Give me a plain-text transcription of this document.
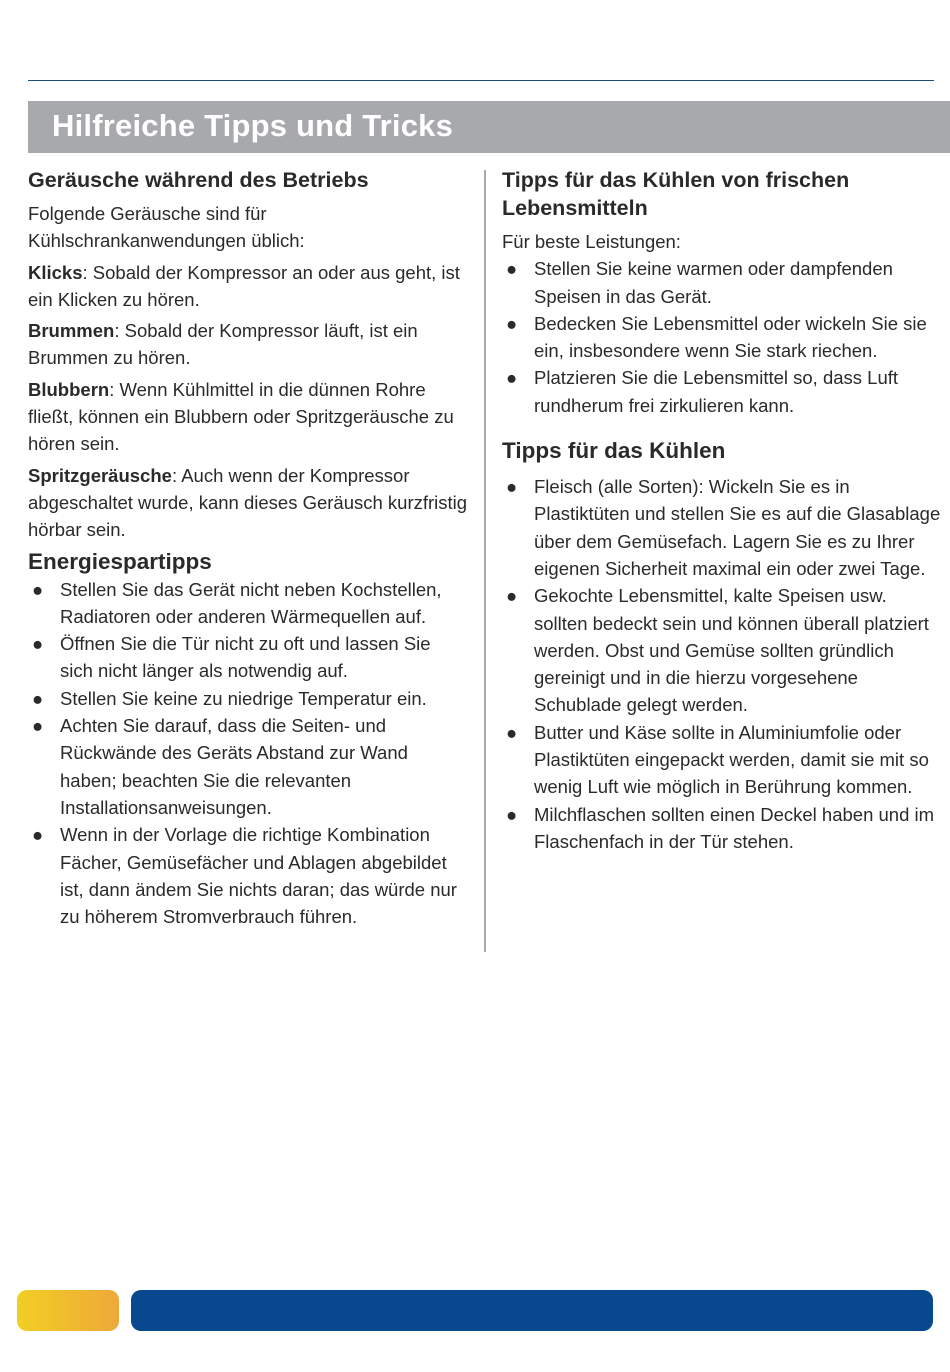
Hilfreiche Tipps und Tricks
Geräusche während des Betriebs

Folgende Geräusche sind für Kühlschrankanwendungen üblich:

Klicks: Sobald der Kompressor an oder aus geht, ist ein Klicken zu hören.

Brummen: Sobald der Kompressor läuft, ist ein Brummen zu hören.

Blubbern: Wenn Kühlmittel in die dünnen Rohre fließt, können ein Blubbern oder Spritzgeräusche zu hören sein.

Spritzgeräusche: Auch wenn der Kompressor abgeschaltet wurde, kann dieses Geräusch kurzfristig hörbar sein.

Energiespartipps
● Stellen Sie das Gerät nicht neben Kochstellen, Radiatoren oder anderen Wärmequellen auf.
● Öffnen Sie die Tür nicht zu oft und lassen Sie sich nicht länger als notwendig auf.
● Stellen Sie keine zu niedrige Temperatur ein.
● Achten Sie darauf, dass die Seiten- und Rückwände des Geräts Abstand zur Wand haben; beachten Sie die relevanten Installationsanweisungen.
● Wenn in der Vorlage die richtige Kombination Fächer, Gemüsefächer und Ablagen abgebildet ist, dann ändem Sie nichts daran; das würde nur zu höherem Stromverbrauch führen.
Tipps für das Kühlen von frischen Lebensmitteln

Für beste Leistungen:

● Stellen Sie keine warmen oder dampfenden Speisen in das Gerät.
● Bedecken Sie Lebensmittel oder wickeln Sie sie ein, insbesondere wenn Sie stark riechen.
● Platzieren Sie die Lebensmittel so, dass Luft rundherum frei zirkulieren kann.
Tipps für das Kühlen
● Fleisch (alle Sorten): Wickeln Sie es in Plastiktüten und stellen Sie es auf die Glasablage über dem Gemüsefach. Lagern Sie es zu Ihrer eigenen Sicherheit maximal ein oder zwei Tage.
● Gekochte Lebensmittel, kalte Speisen usw. sollten bedeckt sein und können überall platziert werden. Obst und Gemüse sollten gründlich gereinigt und in die hierzu vorgesehene Schublade gelegt werden.
● Butter und Käse sollte in Aluminiumfolie oder Plastiktüten eingepackt werden, damit sie mit so wenig Luft wie möglich in Berührung kommen.
● Milchflaschen sollten einen Deckel haben und im Flaschenfach in der Tür stehen.
